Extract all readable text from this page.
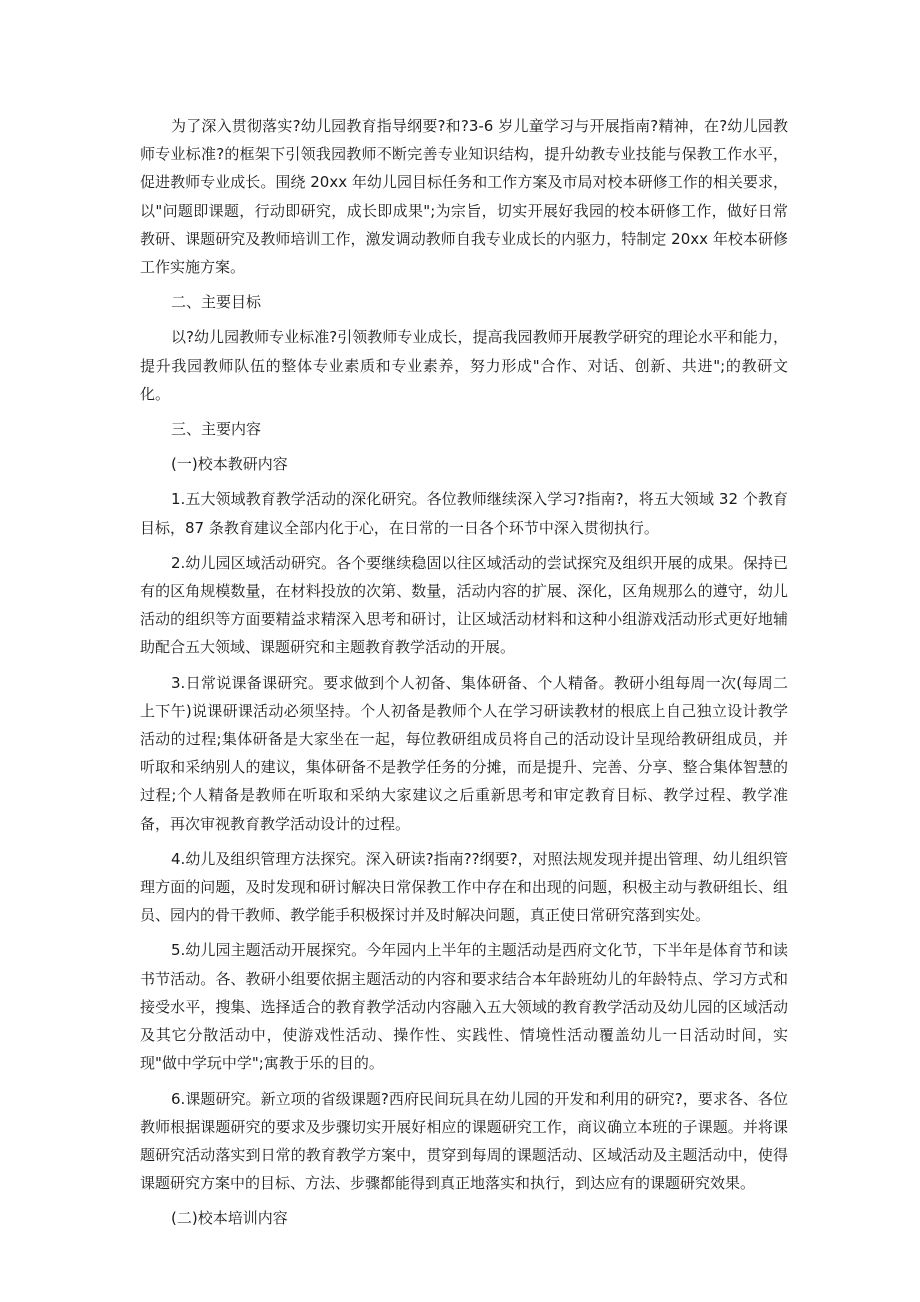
为了深入贯彻落实?幼儿园教育指导纲要?和?3-6 岁儿童学习与开展指南?精神，在?幼儿园教师专业标准?的框架下引领我园教师不断完善专业知识结构，提升幼教专业技能与保教工作水平，促进教师专业成长。围绕 20xx 年幼儿园目标任务和工作方案及市局对校本研修工作的相关要求，以"问题即课题，行动即研究，成长即成果";为宗旨，切实开展好我园的校本研修工作，做好日常教研、课题研究及教师培训工作，激发调动教师自我专业成长的内驱力，特制定 20xx 年校本研修工作实施方案。

二、主要目标

以?幼儿园教师专业标准?引领教师专业成长，提高我园教师开展教学研究的理论水平和能力，提升我园教师队伍的整体专业素质和专业素养，努力形成"合作、对话、创新、共进";的教研文化。

三、主要内容

(一)校本教研内容

1.五大领域教育教学活动的深化研究。各位教师继续深入学习?指南?，将五大领域 32 个教育目标，87 条教育建议全部内化于心，在日常的一日各个环节中深入贯彻执行。

2.幼儿园区域活动研究。各个要继续稳固以往区域活动的尝试探究及组织开展的成果。保持已有的区角规模数量，在材料投放的次第、数量，活动内容的扩展、深化，区角规那么的遵守，幼儿活动的组织等方面要精益求精深入思考和研讨，让区域活动材料和这种小组游戏活动形式更好地辅助配合五大领域、课题研究和主题教育教学活动的开展。

3.日常说课备课研究。要求做到个人初备、集体研备、个人精备。教研小组每周一次(每周二上下午)说课研课活动必须坚持。个人初备是教师个人在学习研读教材的根底上自己独立设计教学活动的过程;集体研备是大家坐在一起，每位教研组成员将自己的活动设计呈现给教研组成员，并听取和采纳别人的建议，集体研备不是教学任务的分摊，而是提升、完善、分享、整合集体智慧的过程;个人精备是教师在听取和采纳大家建议之后重新思考和审定教育目标、教学过程、教学准备，再次审视教育教学活动设计的过程。

4.幼儿及组织管理方法探究。深入研读?指南??纲要?，对照法规发现并提出管理、幼儿组织管理方面的问题，及时发现和研讨解决日常保教工作中存在和出现的问题，积极主动与教研组长、组员、园内的骨干教师、教学能手积极探讨并及时解决问题，真正使日常研究落到实处。

5.幼儿园主题活动开展探究。今年园内上半年的主题活动是西府文化节，下半年是体育节和读书节活动。各、教研小组要依据主题活动的内容和要求结合本年龄班幼儿的年龄特点、学习方式和接受水平，搜集、选择适合的教育教学活动内容融入五大领域的教育教学活动及幼儿园的区域活动及其它分散活动中，使游戏性活动、操作性、实践性、情境性活动覆盖幼儿一日活动时间，实现"做中学玩中学";寓教于乐的目的。

6.课题研究。新立项的省级课题?西府民间玩具在幼儿园的开发和利用的研究?，要求各、各位教师根据课题研究的要求及步骤切实开展好相应的课题研究工作，商议确立本班的子课题。并将课题研究活动落实到日常的教育教学方案中，贯穿到每周的课题活动、区域活动及主题活动中，使得课题研究方案中的目标、方法、步骤都能得到真正地落实和执行，到达应有的课题研究效果。

(二)校本培训内容
